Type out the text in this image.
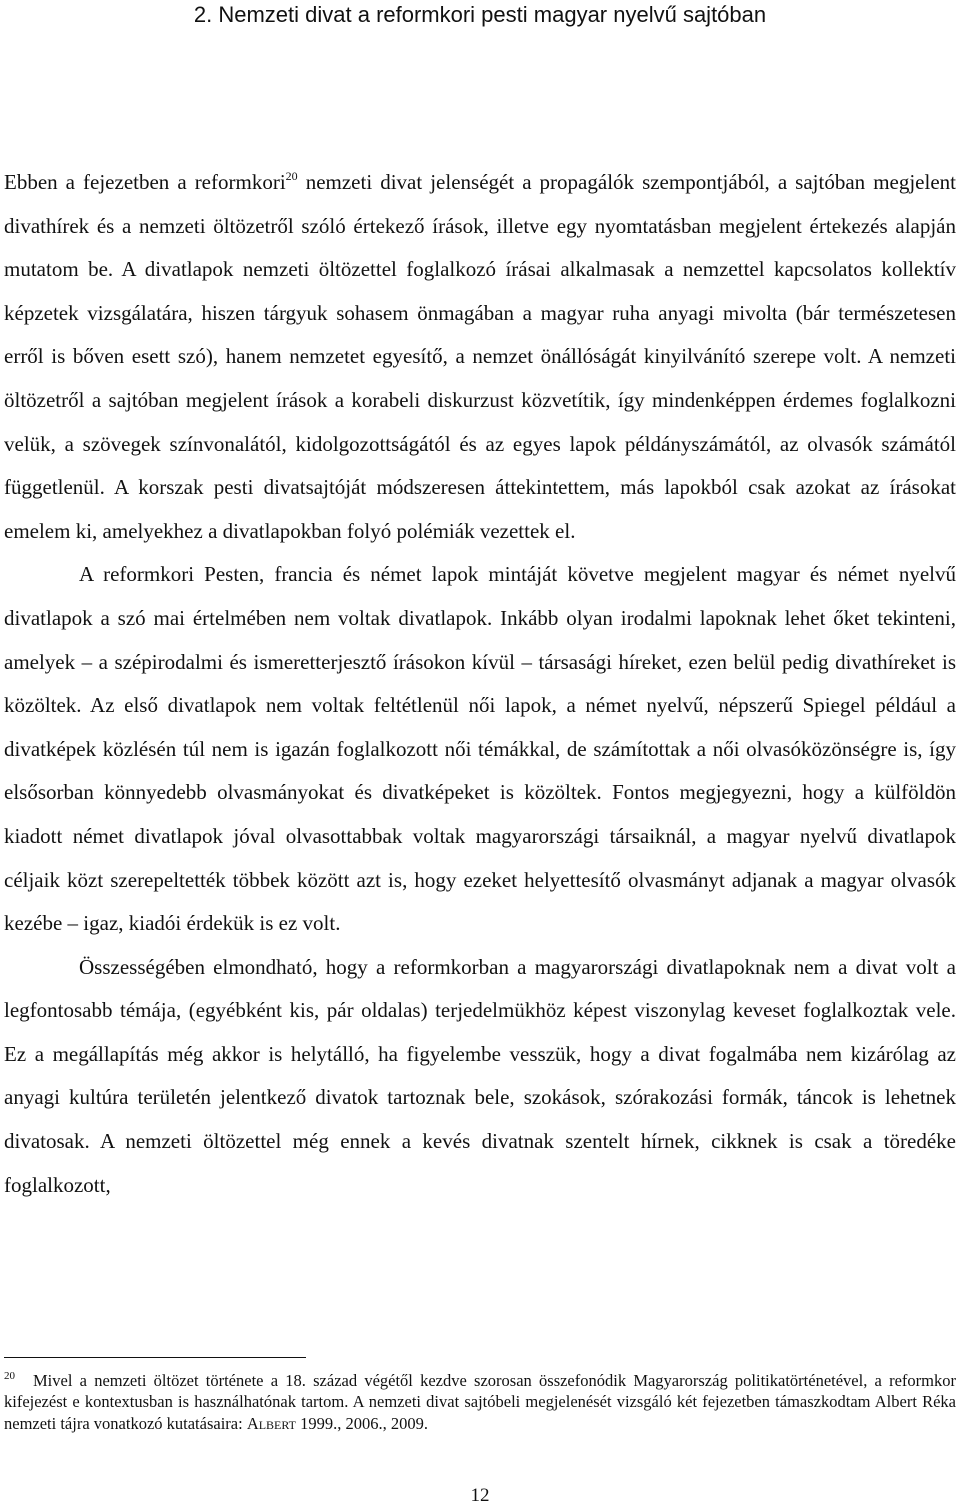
2. Nemzeti divat a reformkori pesti magyar nyelvű sajtóban

Ebben a fejezetben a reformkori$^{20}$ nemzeti divat jelenségét a propagálók szempontjából, a sajtóban megjelent divathírek és a nemzeti öltözetről szóló értekező írások, illetve egy nyomtatásban megjelent értekezés alapján mutatom be. A divatlapok nemzeti öltözettel foglalkozó írásai alkalmasak a nemzettel kapcsolatos kollektív képzetek vizsgálatára, hiszen tárgyuk sohasem önmagában a magyar ruha anyagi mivolta (bár természetesen erről is bőven esett szó), hanem nemzetet egyesítő, a nemzet önállóságát kinyilvánító szerepe volt. A nemzeti öltözetről a sajtóban megjelent írások a korabeli diskurzust közvetítik, így mindenképpen érdemes foglalkozni velük, a szövegek színvonalától, kidolgozottságától és az egyes lapok példányszámától, az olvasók számától függetlenül. A korszak pesti divatsajtóját módszeresen áttekintettem, más lapokból csak azokat az írásokat emelem ki, amelyekhez a divatlapokban folyó polémiák vezettek el.

A reformkori Pesten, francia és német lapok mintáját követve megjelent magyar és német nyelvű divatlapok a szó mai értelmében nem voltak divatlapok. Inkább olyan irodalmi lapoknak lehet őket tekinteni, amelyek – a szépirodalmi és ismeretterjesztő írásokon kívül – társasági híreket, ezen belül pedig divathíreket is közöltek. Az első divatlapok nem voltak feltétlenül női lapok, a német nyelvű, népszerű Spiegel például a divatképek közlésén túl nem is igazán foglalkozott női témákkal, de számítottak a női olvasóközönségre is, így elsősorban könnyedebb olvasmányokat és divatképeket is közöltek. Fontos megjegyezni, hogy a külföldön kiadott német divatlapok jóval olvasottabbak voltak magyarországi társaiknál, a magyar nyelvű divatlapok céljaik közt szerepeltették többek között azt is, hogy ezeket helyettesítő olvasmányt adjanak a magyar olvasók kezébe – igaz, kiadói érdekük is ez volt.

Összességében elmondható, hogy a reformkorban a magyarországi divatlapoknak nem a divat volt a legfontosabb témája, (egyébként kis, pár oldalas) terjedelmükhöz képest viszonylag keveset foglalkoztak vele. Ez a megállapítás még akkor is helytálló, ha figyelembe vesszük, hogy a divat fogalmába nem kizárólag az anyagi kultúra területén jelentkező divatok tartoznak bele, szokások, szórakozási formák, táncok is lehetnek divatosak. A nemzeti öltözettel még ennek a kevés divatnak szentelt hírnek, cikknek is csak a töredéke foglalkozott,

$^{20}$ Mivel a nemzeti öltözet története a 18. század végétől kezdve szorosan összefonódik Magyarország politikatörténetével, a reformkor kifejezést e kontextusban is használhatónak tartom. A nemzeti divat sajtóbeli megjelenését vizsgáló két fejezetben támaszkodtam Albert Réka nemzeti tájra vonatkozó kutatásaira: Albert 1999., 2006., 2009.
12
